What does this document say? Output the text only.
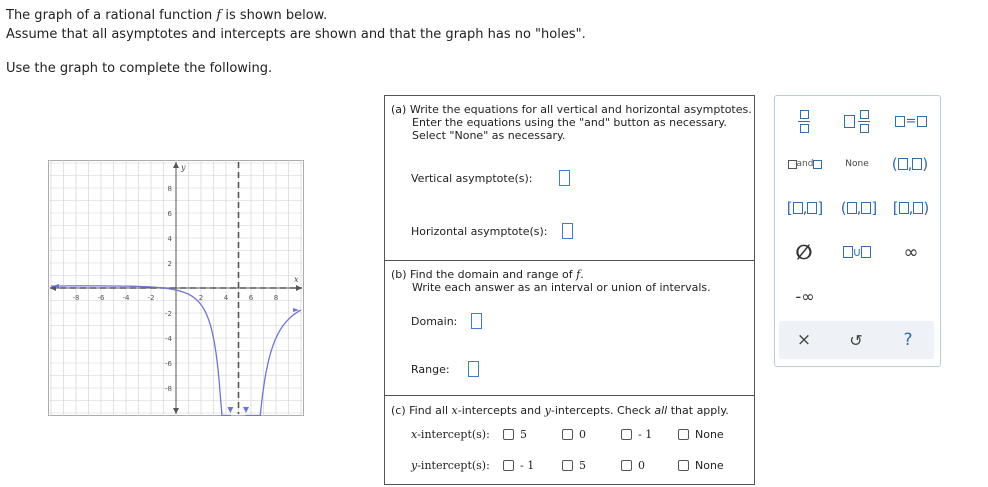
The graph of a rational function f is shown below.
Assume that all asymptotes and intercepts are shown and that the graph has no "holes".
Use the graph to complete the following.
-8	-6	-4	-2	2	4	6	8
8
6
4
2
-2
-4
-6
-8
x
y
(a) Write the equations for all vertical and horizontal asymptotes.
Enter the equations using the "and" button as necessary.
Select "None" as necessary.
Vertical asymptote(s):
Horizontal asymptote(s):
(b) Find the domain and range of f.
Write each answer as an interval or union of intervals.
Domain:
Range:
(c) Find all x-intercepts and y-intercepts. Check all that apply.
x-intercept(s):	5	0	- 1	None
y-intercept(s):	- 1	5	0	None
=
and	None	( , )
[ , ]	( , ]	[ , )
∅	∪	∞
-∞
×	↺	?
